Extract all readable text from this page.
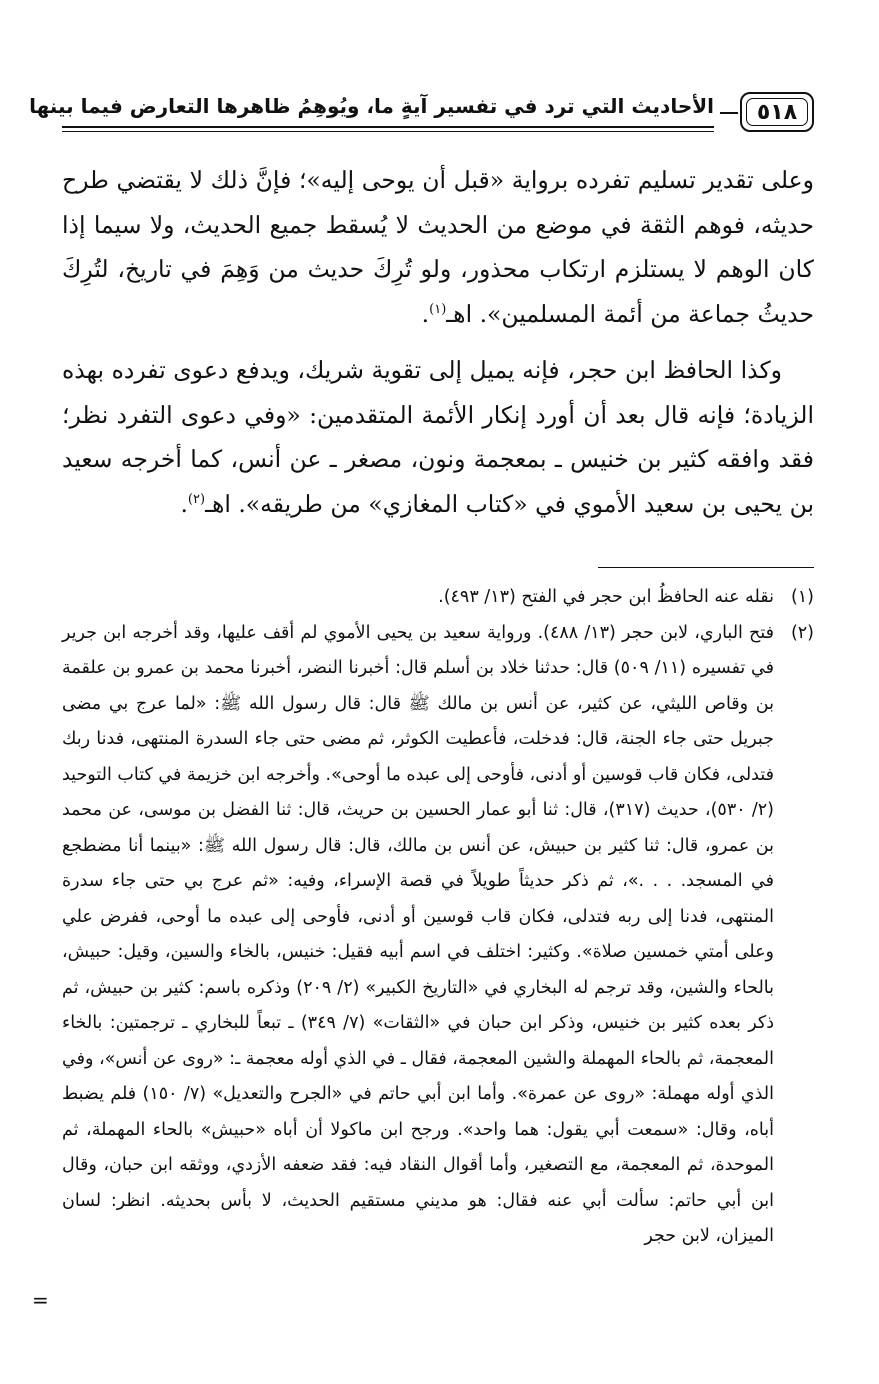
٥١٨
الأحاديث التي ترد في تفسير آيةٍ ما، ويُوهِمُ ظاهرها التعارض فيما بينها

وعلى تقدير تسليم تفرده برواية «قبل أن يوحى إليه»؛ فإنَّ ذلك لا يقتضي طرح حديثه، فوهم الثقة في موضع من الحديث لا يُسقط جميع الحديث، ولا سيما إذا كان الوهم لا يستلزم ارتكاب محذور، ولو تُرِكَ حديث من وَهِمَ في تاريخ، لتُرِكَ حديثُ جماعة من أئمة المسلمين». اهـ$^{(١)}$.

وكذا الحافظ ابن حجر، فإنه يميل إلى تقوية شريك، ويدفع دعوى تفرده بهذه الزيادة؛ فإنه قال بعد أن أورد إنكار الأئمة المتقدمين: «وفي دعوى التفرد نظر؛ فقد وافقه كثير بن خنيس ـ بمعجمة ونون، مصغر ـ عن أنس، كما أخرجه سعيد بن يحيى بن سعيد الأموي في «كتاب المغازي» من طريقه». اهـ$^{(٢)}$.

(١)
نقله عنه الحافظُ ابن حجر في الفتح (١٣/ ٤٩٣).
(٢)
فتح الباري، لابن حجر (١٣/ ٤٨٨). ورواية سعيد بن يحيى الأموي لم أقف عليها، وقد أخرجه ابن جرير في تفسيره (١١/ ٥٠٩) قال: حدثنا خلاد بن أسلم قال: أخبرنا النضر، أخبرنا محمد بن عمرو بن علقمة بن وقاص الليثي، عن كثير، عن أنس بن مالك ﷺ قال: قال رسول الله ﷺ: «لما عرج بي مضى جبريل حتى جاء الجنة، قال: فدخلت، فأعطيت الكوثر، ثم مضى حتى جاء السدرة المنتهى، فدنا ربك فتدلى، فكان قاب قوسين أو أدنى، فأوحى إلى عبده ما أوحى». وأخرجه ابن خزيمة في كتاب التوحيد (٢/ ٥٣٠)، حديث (٣١٧)، قال: ثنا أبو عمار الحسين بن حريث، قال: ثنا الفضل بن موسى، عن محمد بن عمرو، قال: ثنا كثير بن حبيش، عن أنس بن مالك، قال: قال رسول الله ﷺ: «بينما أنا مضطجع في المسجد. . . .»، ثم ذكر حديثاً طويلاً في قصة الإسراء، وفيه: «ثم عرج بي حتى جاء سدرة المنتهى، فدنا إلى ربه فتدلى، فكان قاب قوسين أو أدنى، فأوحى إلى عبده ما أوحى، ففرض علي وعلى أمتي خمسين صلاة». وكثير: اختلف في اسم أبيه فقيل: خنيس، بالخاء والسين، وقيل: حبيش، بالحاء والشين، وقد ترجم له البخاري في «التاريخ الكبير» (٢/ ٢٠٩) وذكره باسم: كثير بن حبيش، ثم ذكر بعده كثير بن خنيس، وذكر ابن حبان في «الثقات» (٧/ ٣٤٩) ـ تبعاً للبخاري ـ ترجمتين: بالخاء المعجمة، ثم بالحاء المهملة والشين المعجمة، فقال ـ في الذي أوله معجمة ـ: «روى عن أنس»، وفي الذي أوله مهملة: «روى عن عمرة». وأما ابن أبي حاتم في «الجرح والتعديل» (٧/ ١٥٠) فلم يضبط أباه، وقال: «سمعت أبي يقول: هما واحد». ورجح ابن ماكولا أن أباه «حبيش» بالحاء المهملة، ثم الموحدة، ثم المعجمة، مع التصغير، وأما أقوال النقاد فيه: فقد ضعفه الأزدي، ووثقه ابن حبان، وقال ابن أبي حاتم: سألت أبي عنه فقال: هو مديني مستقيم الحديث، لا بأس بحديثه. انظر: لسان الميزان، لابن حجر
=
